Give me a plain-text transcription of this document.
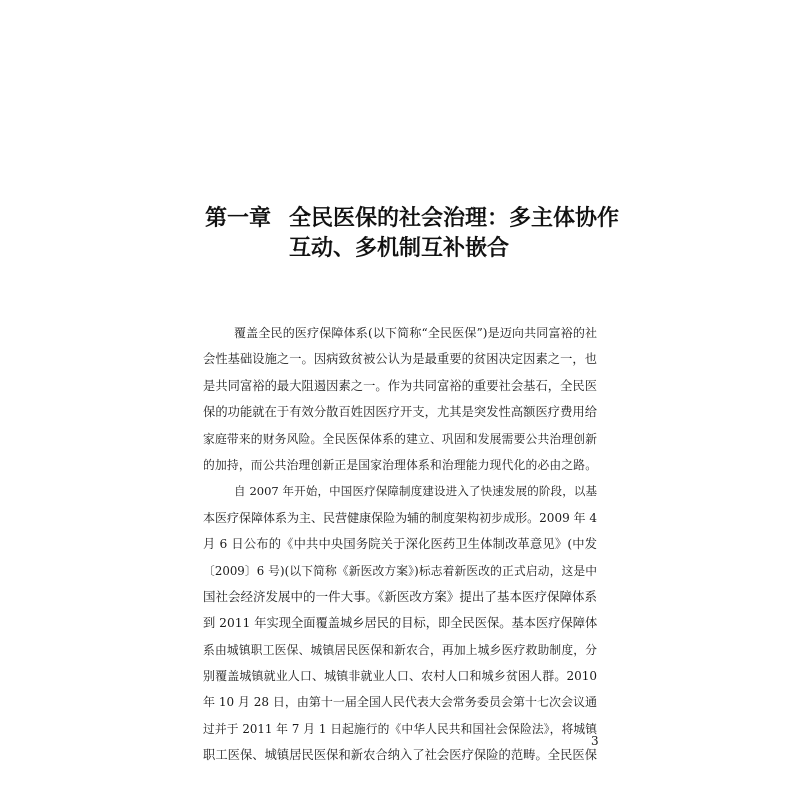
第一章 全民医保的社会治理：多主体协作
互动、多机制互补嵌合
覆盖全民的医疗保障体系(以下简称“全民医保”)是迈向共同富裕的社
会性基础设施之一。因病致贫被公认为是最重要的贫困决定因素之一，也
是共同富裕的最大阻遏因素之一。作为共同富裕的重要社会基石，全民医
保的功能就在于有效分散百姓因医疗开支，尤其是突发性高额医疗费用给
家庭带来的财务风险。全民医保体系的建立、巩固和发展需要公共治理创新
的加持，而公共治理创新正是国家治理体系和治理能力现代化的必由之路。
自 2007 年开始，中国医疗保障制度建设进入了快速发展的阶段，以基
本医疗保障体系为主、民营健康保险为辅的制度架构初步成形。2009 年 4
月 6 日公布的《中共中央国务院关于深化医药卫生体制改革意见》(中发
〔2009〕6 号)(以下简称《新医改方案》)标志着新医改的正式启动，这是中
国社会经济发展中的一件大事。《新医改方案》提出了基本医疗保障体系
到 2011 年实现全面覆盖城乡居民的目标，即全民医保。基本医疗保障体
系由城镇职工医保、城镇居民医保和新农合，再加上城乡医疗救助制度，分
别覆盖城镇就业人口、城镇非就业人口、农村人口和城乡贫困人群。2010
年 10 月 28 日，由第十一届全国人民代表大会常务委员会第十七次会议通
过并于 2011 年 7 月 1 日起施行的《中华人民共和国社会保险法》，将城镇
职工医保、城镇居民医保和新农合纳入了社会医疗保险的范畴。全民医保
3
